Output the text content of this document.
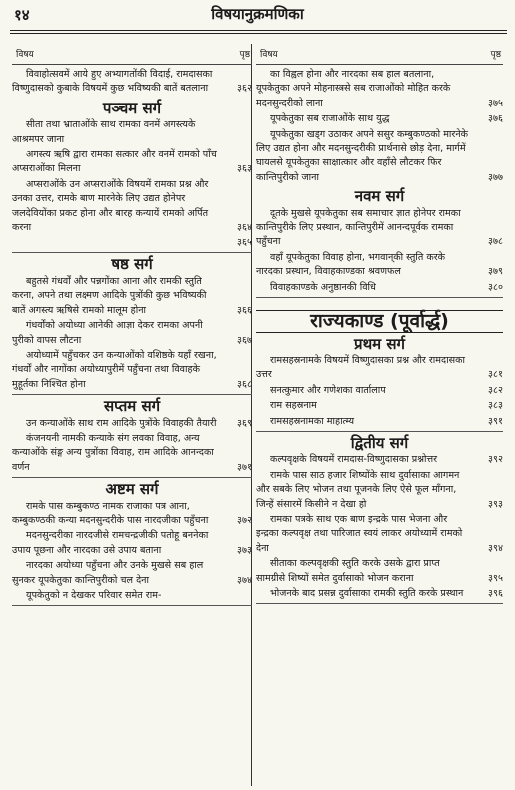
१४	विषयानुक्रमणिका
विषय	पृष्ठ
विवाहोत्सवमें आये हुए अभ्यागतोंकी विदाई, रामदासका विष्णुदासको कुबाके विषयमें कुछ भविष्यकी बातें बतलाना	३६२
पञ्चम सर्ग
सीता तथा भ्राताओंके साथ रामका वनमें अगस्त्यके आश्रमपर जाना
अगस्त्य ऋषि द्वारा रामका सत्कार और वनमें रामको पाँच अप्सराओंका मिलना	३६३
अप्सराओंके उन अप्सराओंके विषयमें रामका प्रश्न और उनका उत्तर, रामके बाण मारनेके लिए उद्यत होनेपर जलदेवियोंका प्रकट होना और बारह कन्यायें रामको अर्पित करना	३६४
३६५
षष्ठ सर्ग
बहुतसे गंधर्वों और पन्नगोंका आना और रामकी स्तुति करना, अपने तथा लक्ष्मण आदिके पुत्रोंकी कुछ भविष्यकी बातें अगस्त्य ऋषिसे रामको मालूम होना	३६६
गंधर्वोंको अयोध्या आनेकी आज्ञा देकर रामका अपनी पुरीको वापस लौटना	३६७
अयोध्यामें पहुँचकर उन कन्याओंको वशिष्ठके यहाँ रखना, गंधर्वों और नागोंका अयोध्यापुरीमें पहुँचना तथा विवाहके मुहूर्तका निश्चित होना	३६८
सप्तम सर्ग
उन कन्याओंके साथ राम आदिके पुत्रोंके विवाहकी तैयारी	३६९
कंजनयनी नामकी कन्याके संग लवका विवाह, अन्य कन्याओंके संङ्ग अन्य पुत्रोंका विवाह, राम आदिके आनन्दका वर्णन	३७१
अष्टम सर्ग
रामके पास कम्बुकण्ठ नामक राजाका पत्र आना, कम्बुकण्ठकी कन्या मदनसुन्दरीके पास नारदजीका पहुँचना	३७२
मदनसुन्दरीका नारदजीसे रामचन्द्रजीकी पतोहू बननेका उपाय पूछना और नारदका उसे उपाय बताना	३७३
नारदका अयोध्या पहुँचना और उनके मुखसे सब हाल सुनकर यूपकेतुका कान्तिपुरीको चल देना	३७४
यूपकेतुको न देखकर परिवार समेत राम-
विषय	पृष्ठ
का विह्वल होना और नारदका सब हाल बतलाना, यूपकेतुका अपने मोहनास्त्रसे सब राजाओंको मोहित करके मदनसुन्दरीको लाना	३७५
यूपकेतुका सब राजाओंके साथ युद्ध	३७६
यूपकेतुका खड्ग उठाकर अपने ससुर कम्बुकण्ठको मारनेके लिए उद्यत होना और मदनसुन्दरीकी प्रार्थनासे छोड़ देना, मार्गमें घायलसे यूपकेतुका साक्षात्कार और वहाँसे लौटकर फिर कान्तिपुरीको जाना	३७७
नवम सर्ग
दूतके मुखसे यूपकेतुका सब समाचार ज्ञात होनेपर रामका कान्तिपुरीके लिए प्रस्थान, कान्तिपुरीमें आनन्दपूर्वक रामका पहुँचना	३७८
वहाँ यूपकेतुका विवाह होना, भगवान्‌की स्तुति करके नारदका प्रस्थान, विवाहकाण्डका श्रवणफल	३७९
विवाहकाण्डके अनुष्ठानकी विधि	३८०
राज्यकाण्ड (पूर्वार्द्ध)
प्रथम सर्ग
रामसहस्रनामके विषयमें विष्णुदासका प्रश्न और रामदासका उत्तर	३८१
सनत्कुमार और गणेशका वार्तालाप	३८२
राम सहस्रनाम	३८३
रामसहस्रनामका माहात्म्य	३९१
द्वितीय सर्ग
कल्पवृक्षके विषयमें रामदास-विष्णुदासका प्रश्नोत्तर	३९२
रामके पास साठ हजार शिष्योंके साथ दुर्वासाका आगमन और सबके लिए भोजन तथा पूजनके लिए ऐसे फूल माँगना, जिन्हें संसारमें किसीने न देखा हो	३९३
रामका पत्रके साथ एक बाण इन्द्रके पास भेजना और इन्द्रका कल्पवृक्ष तथा पारिजात स्वयं लाकर अयोध्यामें रामको देना	३९४
सीताका कल्पवृक्षकी स्तुति करके उसके द्वारा प्राप्त सामग्रीसे शिष्यों समेत दुर्वासाको भोजन कराना	३९५
भोजनके बाद प्रसन्न दुर्वासाका रामकी स्तुति करके प्रस्थान	३९६
